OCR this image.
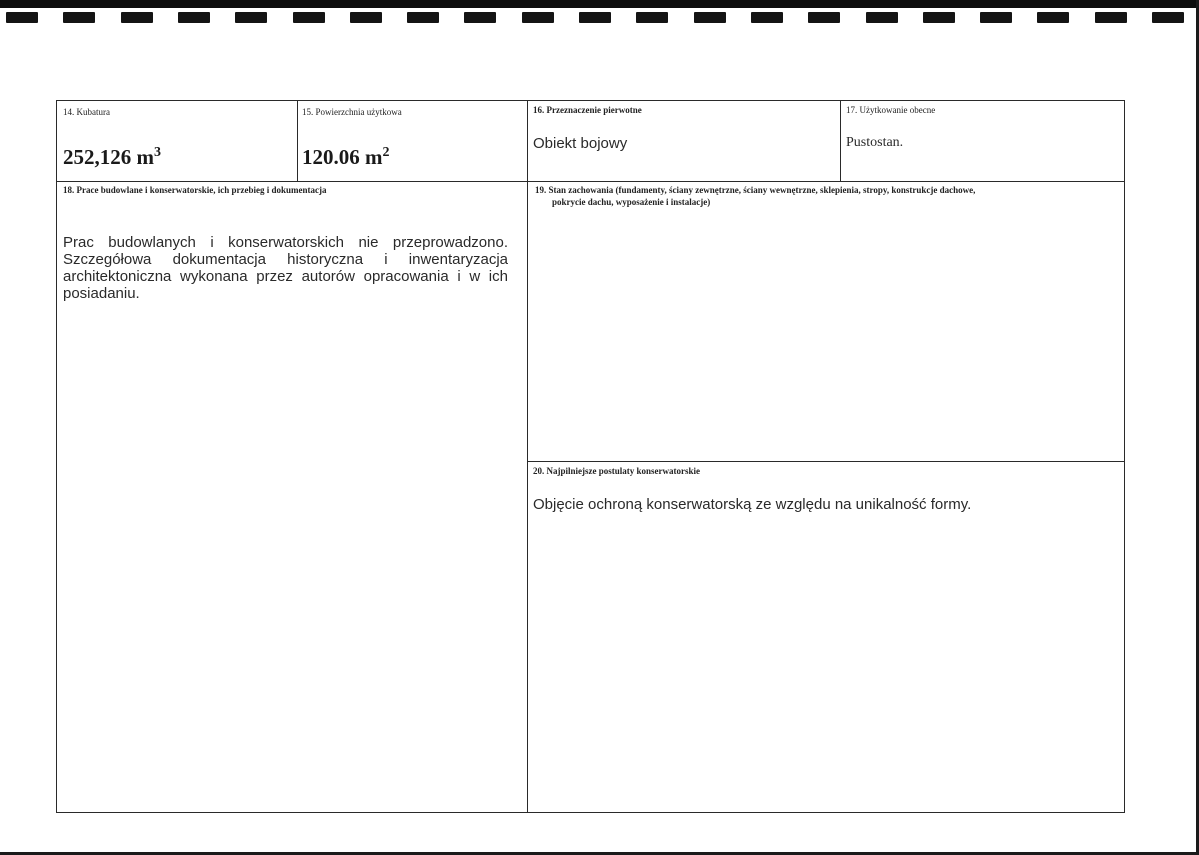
14. Kubatura
252,126 $m^3$
15. Powierzchnia użytkowa
120.06 $m^2$
16. Przeznaczenie pierwotne
Obiekt bojowy
17. Użytkowanie obecne
Pustostan.
18. Prace budowlane i konserwatorskie, ich przebieg i dokumentacja
Prac budowlanych i konserwatorskich nie przeprowadzono. Szczegółowa dokumentacja historyczna i inwentaryzacja architektoniczna wykonana przez autorów opracowania i w ich posiadaniu.
19. Stan zachowania (fundamenty, ściany zewnętrzne, ściany wewnętrzne, sklepienia, stropy, konstrukcje dachowe,
pokrycie dachu, wyposażenie i instalacje)
20. Najpilniejsze postulaty konserwatorskie
Objęcie ochroną konserwatorską ze względu na unikalność formy.
